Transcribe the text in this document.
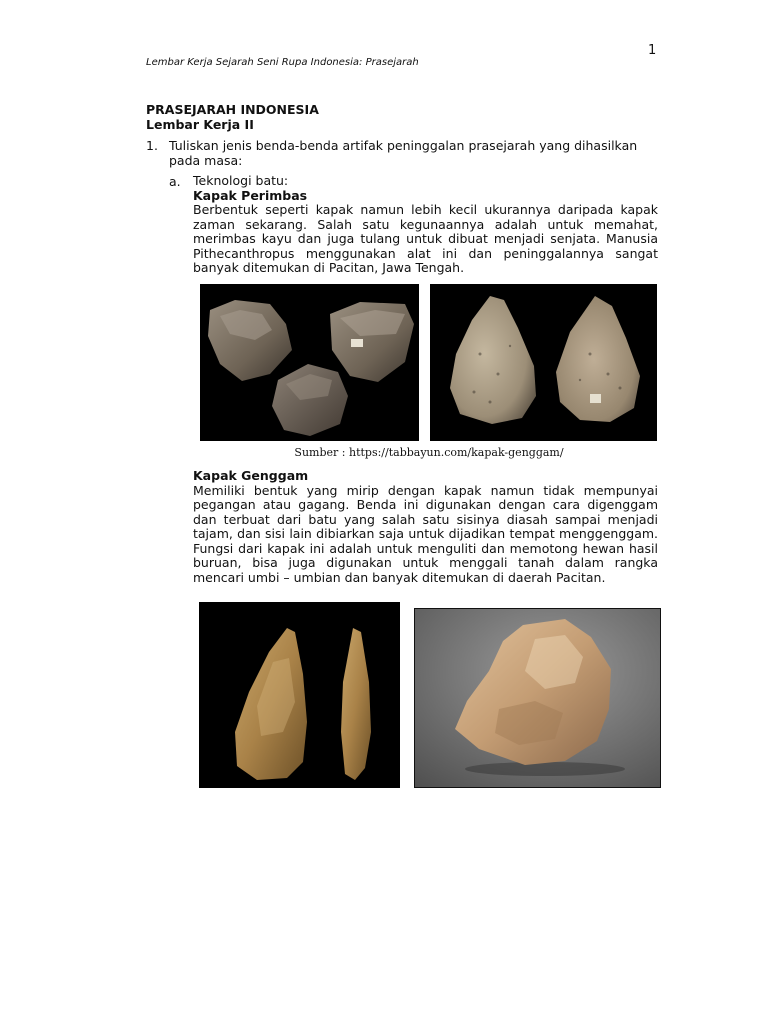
1
Lembar Kerja Sejarah Seni Rupa Indonesia: Prasejarah
PRASEJARAH INDONESIA
Lembar Kerja II
1. Tuliskan jenis benda-benda artifak peninggalan prasejarah yang dihasilkan pada masa:

a. Teknologi batu:
Kapak Perimbas

Berbentuk seperti kapak namun lebih kecil ukurannya daripada kapak zaman sekarang. Salah satu kegunaannya adalah untuk memahat, merimbas kayu dan juga tulang untuk dibuat menjadi senjata. Manusia Pithecanthropus menggunakan alat ini dan peninggalannya sangat banyak ditemukan di Pacitan, Jawa Tengah.

Sumber : https://tabbayun.com/kapak-genggam/
Kapak Genggam

Memiliki bentuk yang mirip dengan kapak namun tidak mempunyai pegangan atau gagang. Benda ini digunakan dengan cara digenggam dan terbuat dari batu yang salah satu sisinya diasah sampai menjadi tajam, dan sisi lain dibiarkan saja untuk dijadikan tempat menggenggam. Fungsi dari kapak ini adalah untuk menguliti dan memotong hewan hasil buruan, bisa juga digunakan untuk menggali tanah dalam rangka mencari umbi – umbian dan banyak ditemukan di daerah Pacitan.
